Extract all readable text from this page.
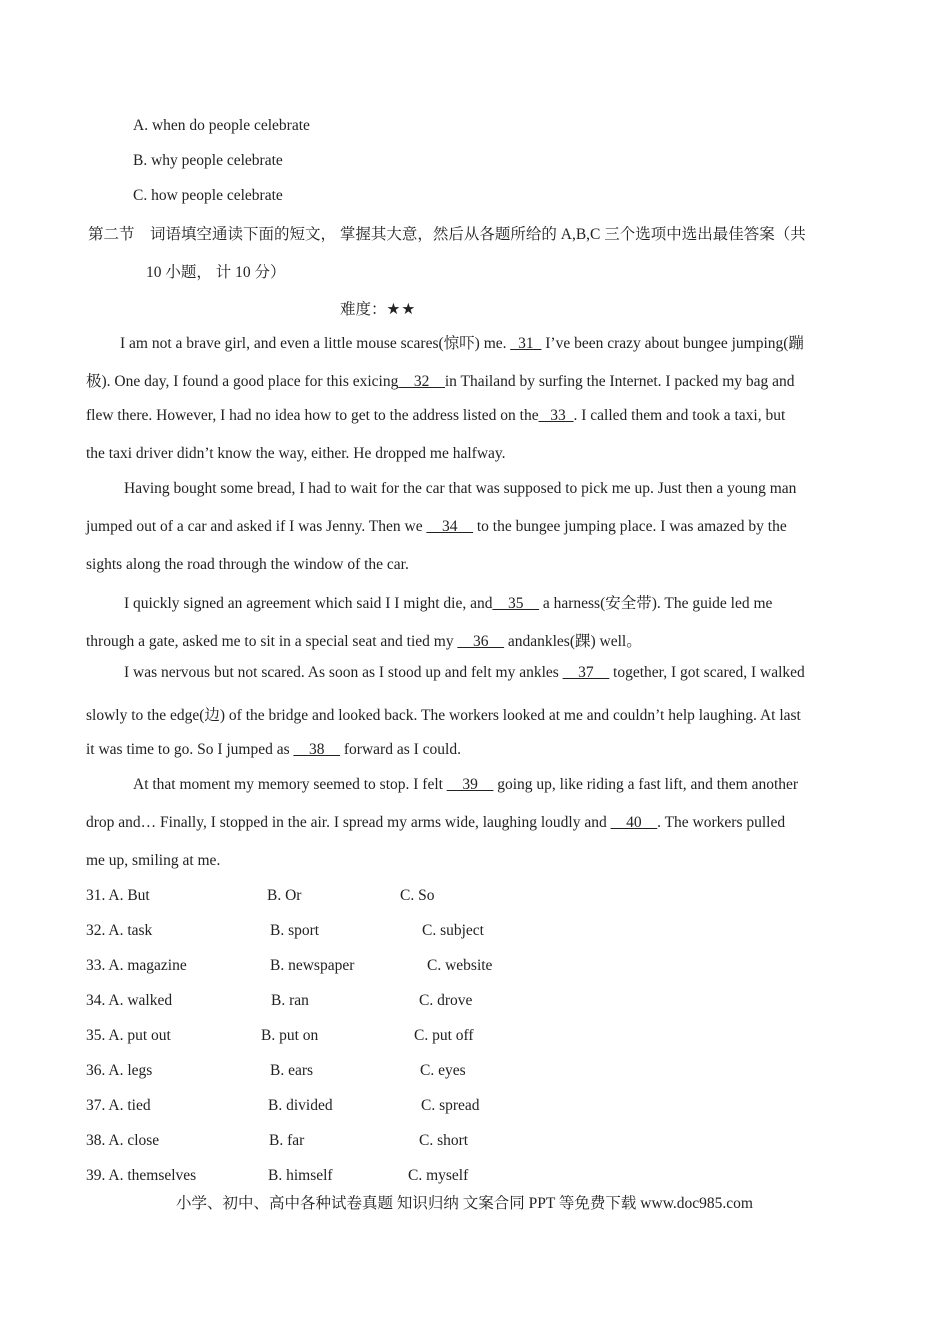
A. when do people celebrate
B. why people celebrate
C. how people celebrate
第二节　词语填空通读下面的短文， 掌握其大意，然后从各题所给的 A,B,C 三个选项中选出最佳答案（共
10 小题， 计 10 分）
难度：★★
I am not a brave girl, and even a little mouse scares(惊吓) me. _31_ I’ve been crazy about bungee jumping(蹦
极). One day, I found a good place for this exicing__32__in Thailand by surfing the Internet. I packed my bag and
flew there. However, I had no idea how to get to the address listed on the_ 33_. I called them and took a taxi, but
the taxi driver didn’t know the way, either. He dropped me halfway.
Having bought some bread, I had to wait for the car that was supposed to pick me up. Just then a young man
jumped out of a car and asked if I was Jenny. Then we __34__ to the bungee jumping place. I was amazed by the
sights along the road through the window of the car.
I quickly signed an agreement which said I I might die, and__35__ a harness(安全带). The guide led me
through a gate, asked me to sit in a special seat and tied my __36__ andankles(踝) well。
I was nervous but not scared. As soon as I stood up and felt my ankles __37__ together, I got scared, I walked
slowly to the edge(边) of the bridge and looked back. The workers looked at me and couldn’t help laughing. At last
it was time to go. So I jumped as __38__ forward as I could.
At that moment my memory seemed to stop. I felt __39__ going up, like riding a fast lift, and them another
drop and… Finally, I stopped in the air. I spread my arms wide, laughing loudly and __40__. The workers pulled
me up, smiling at me.
31. A. But	B. Or	C. So
32. A. task	B. sport	C. subject
33. A. magazine	B. newspaper	C. website
34. A. walked	B. ran	C. drove
35. A. put out	B. put on	C. put off
36. A. legs	B. ears	C. eyes
37. A. tied	B. divided	C. spread
38. A. close	B. far	C. short
39. A. themselves	B. himself	C. myself
小学、初中、高中各种试卷真题 知识归纳 文案合同 PPT 等免费下载 www.doc985.com
